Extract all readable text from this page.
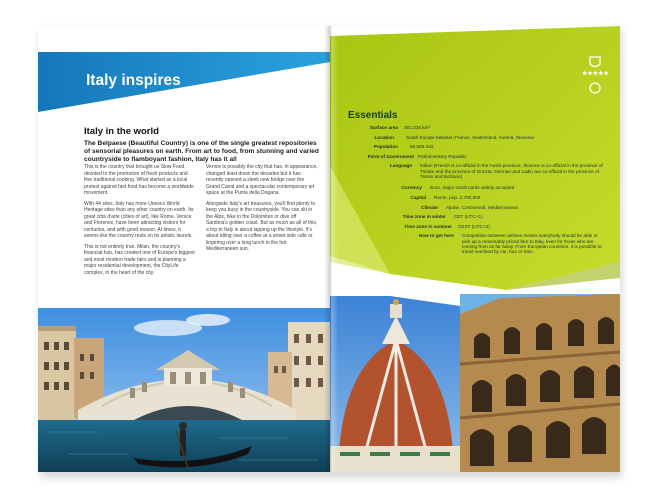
Italy inspires
Italy in the world
The Belpaese (Beautiful Country) is one of the single greatest repositories of sensorial pleasures on earth. From art to food, from stunning and varied countryside to flamboyant fashion, Italy has it all

This is the country that brought us Slow Food, devoted to the promotion of fresh products and fine traditional cooking. What started as a local protest against fast food has become a worldwide movement.

With 44 sites, Italy has more Unesco World Heritage sites than any other country on earth. Its great città d'arte (cities of art), like Rome, Venice and Florence, have been attracting visitors for centuries, and with good reason. At times, it seems like the country rests on its artistic laurels.

This is not entirely true. Milan, the country's financial hub, has created one of Europe's biggest and most modern trade fairs and is planning a major residential development, the CityLife complex, in the heart of the city.

Venice is possibly the city that has, in appearance, changed least down the decades but it has recently opened a sleek new bridge over the Grand Canal and a spectacular contemporary art space at the Punta della Dogana.

Alongside Italy's art treasures, you'll find plenty to keep you busy in the countryside. You can ski in the Alps, hike in the Dolomites or dive off Sardinia's golden coast. But as much as all of this, a trip to Italy is about lapping up the lifestyle. It's about idling over a coffee at a street side café or lingering over a long lunch in the hot Mediterranean sun.

★★★★★
Essentials
Surface area 301.336 km²
Location	South Europe between France, Switzerland, Austria, Slovenia
Population	60.626.442
Form of Government Parliamentary Republic
Language Italian (French is co-official in the Aosta province; Slovene is co-official in the province of Trieste and the province of Gorizia; German and Ladin are co-official in the province of Trento and Bolzano)
Currency Euro, major credit cards widely accepted
Capital Rome, pop. 2,700,000
Climate Alpine, Continental, Mediterranean
Time zone in winter CET (UTC+1)
Time zone in summer CEST (UTC+2)
How to get here Competition between airlines means everybody should be able to pick up a reasonably priced fare to Italy, even for those who are coming from as far away. From European countries, it is possible to travel overland by car, bus or train.
